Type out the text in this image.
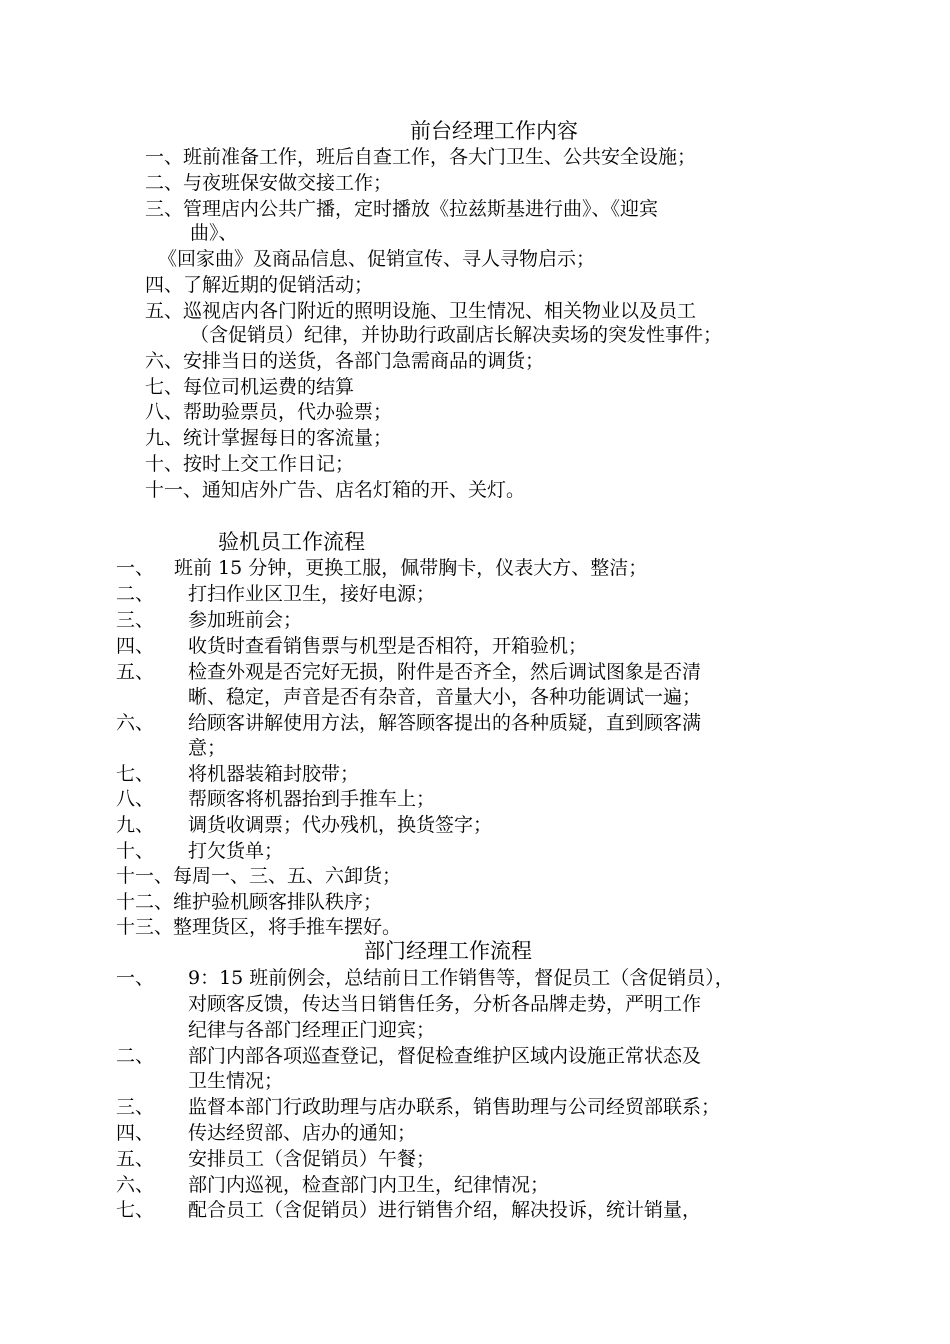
前台经理工作内容
一、班前准备工作，班后自查工作，各大门卫生、公共安全设施；
二、与夜班保安做交接工作；
三、管理店内公共广播，定时播放《拉兹斯基进行曲》、《迎宾
曲》、
《回家曲》及商品信息、促销宣传、寻人寻物启示；
四、了解近期的促销活动；
五、巡视店内各门附近的照明设施、卫生情况、相关物业以及员工
（含促销员）纪律，并协助行政副店长解决卖场的突发性事件；
六、安排当日的送货，各部门急需商品的调货；
七、每位司机运费的结算
八、帮助验票员，代办验票；
九、统计掌握每日的客流量；
十、按时上交工作日记；
十一、通知店外广告、店名灯箱的开、关灯。
验机员工作流程
一、 班前 15 分钟，更换工服，佩带胸卡，仪表大方、整洁；
二、 打扫作业区卫生，接好电源；
三、 参加班前会；
四、 收货时查看销售票与机型是否相符，开箱验机；
五、 检查外观是否完好无损，附件是否齐全，然后调试图象是否清
晰、稳定，声音是否有杂音，音量大小，各种功能调试一遍；
六、 给顾客讲解使用方法，解答顾客提出的各种质疑，直到顾客满
意；
七、 将机器装箱封胶带；
八、 帮顾客将机器抬到手推车上；
九、 调货收调票；代办残机，换货签字；
十、 打欠货单；
十一、每周一、三、五、六卸货；
十二、维护验机顾客排队秩序；
十三、整理货区，将手推车摆好。
部门经理工作流程
一、 9：15 班前例会，总结前日工作销售等，督促员工（含促销员），
对顾客反馈，传达当日销售任务，分析各品牌走势，严明工作
纪律与各部门经理正门迎宾；
二、 部门内部各项巡查登记，督促检查维护区域内设施正常状态及
卫生情况；
三、 监督本部门行政助理与店办联系，销售助理与公司经贸部联系；
四、 传达经贸部、店办的通知；
五、 安排员工（含促销员）午餐；
六、 部门内巡视，检查部门内卫生，纪律情况；
七、 配合员工（含促销员）进行销售介绍，解决投诉，统计销量，
